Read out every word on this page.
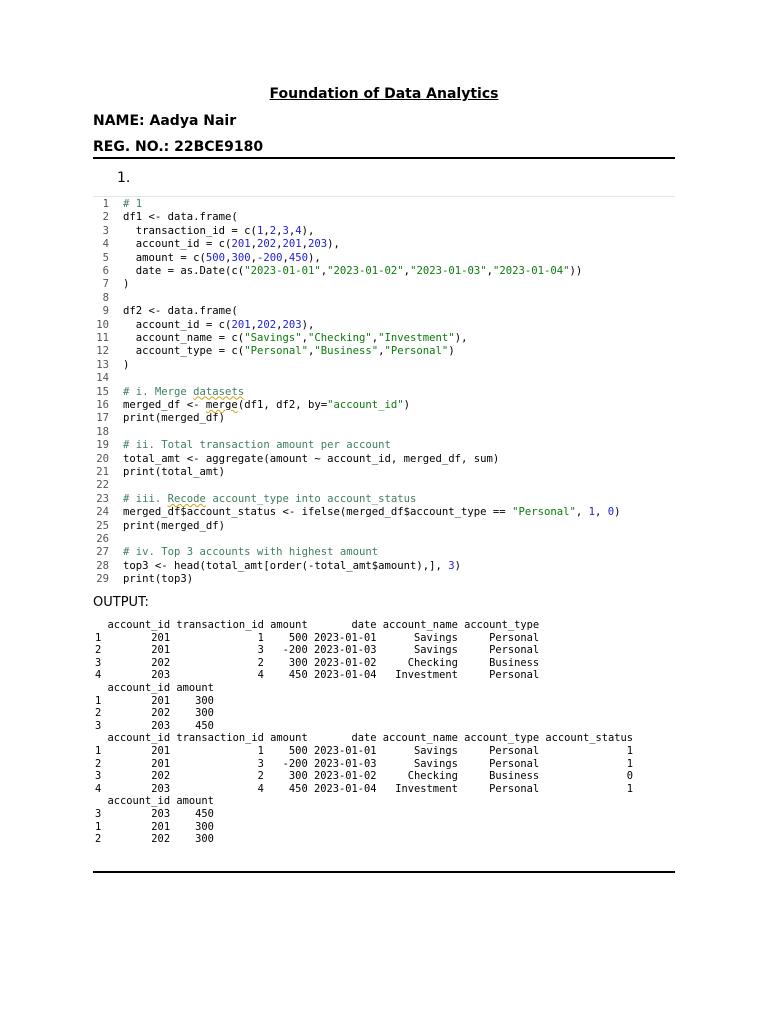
Foundation of Data Analytics
NAME: Aadya Nair
REG. NO.: 22BCE9180
1.
1 # 1
2 df1 <- data.frame(
3  transaction_id = c(1,2,3,4),
4  account_id = c(201,202,201,203),
5  amount = c(500,300,-200,450),
6  date = as.Date(c("2023-01-01","2023-01-02","2023-01-03","2023-01-04"))
7 )
8
9 df2 <- data.frame(
10  account_id = c(201,202,203),
11  account_name = c("Savings","Checking","Investment"),
12  account_type = c("Personal","Business","Personal")
13 )
14
15 # i. Merge datasets
16 merged_df <- merge(df1, df2, by="account_id")
17 print(merged_df)
18
19 # ii. Total transaction amount per account
20 total_amt <- aggregate(amount ~ account_id, merged_df, sum)
21 print(total_amt)
22
23 # iii. Recode account_type into account_status
24 merged_df$account_status <- ifelse(merged_df$account_type == "Personal", 1, 0)
25 print(merged_df)
26
27 # iv. Top 3 accounts with highest amount
28 top3 <- head(total_amt[order(-total_amt$amount),], 3)
29 print(top3)
OUTPUT:
account_id transaction_id amount       date account_name account_type
1        201              1    500 2023-01-01      Savings     Personal
2        201              3   -200 2023-01-03      Savings     Personal
3        202              2    300 2023-01-02     Checking     Business
4        203              4    450 2023-01-04   Investment     Personal
account_id amount
1        201    300
2        202    300
3        203    450
account_id transaction_id amount       date account_name account_type account_status
1        201              1    500 2023-01-01      Savings     Personal              1
2        201              3   -200 2023-01-03      Savings     Personal              1
3        202              2    300 2023-01-02     Checking     Business              0
4        203              4    450 2023-01-04   Investment     Personal              1
account_id amount
3        203    450
1        201    300
2        202    300
